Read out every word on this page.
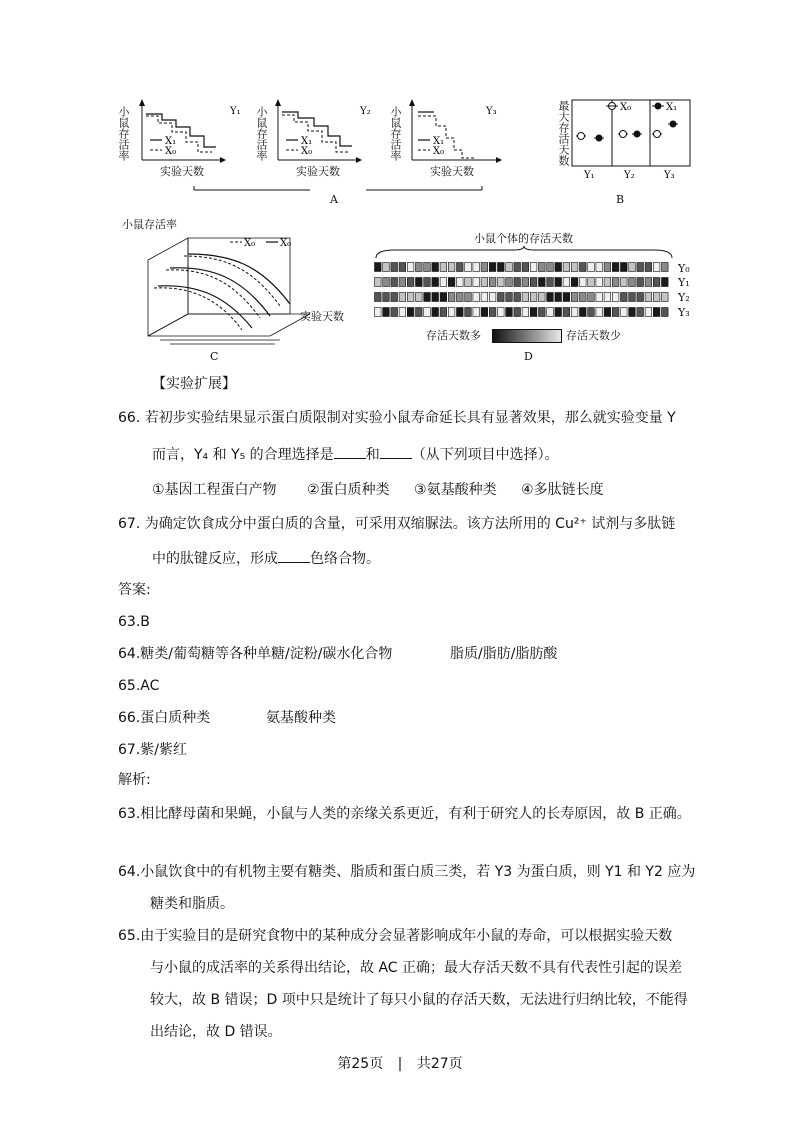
X₁
X₀
Y₁
X₁
X₀
Y₂
X₁
X₀
Y₃
小鼠存活率	小鼠存活率	小鼠存活率
实验天数	实验天数	实验天数
A
X₀	X₁
Y₁	Y₂	Y₃
最大存活天数
B
小鼠存活率
X₀ X₀
实验天数
C
小鼠个体的存活天数
Y₀
Y₁
Y₂
Y₃
存活天数多	存活天数少
D
【实验扩展】
66. 若初步实验结果显示蛋白质限制对实验小鼠寿命延长具有显著效果，那么就实验变量 Y
而言，Y₄ 和 Y₅ 的合理选择是 和 （从下列项目中选择）。
①基因工程蛋白产物 ②蛋白质种类 ③氨基酸种类 ④多肽链长度
67. 为确定饮食成分中蛋白质的含量，可采用双缩脲法。该方法所用的 Cu²⁺ 试剂与多肽链
中的肽键反应，形成 色络合物。
答案:
63.B
64.糖类/葡萄糖等各种单糖/淀粉/碳水化合物	脂质/脂肪/脂肪酸
65.AC
66.蛋白质种类	氨基酸种类
67.紫/紫红
解析:
63.相比酵母菌和果蝇，小鼠与人类的亲缘关系更近，有利于研究人的长寿原因，故 B 正确。
64.小鼠饮食中的有机物主要有糖类、脂质和蛋白质三类，若 Y3 为蛋白质，则 Y1 和 Y2 应为
糖类和脂质。
65.由于实验目的是研究食物中的某种成分会显著影响成年小鼠的寿命，可以根据实验天数
与小鼠的成活率的关系得出结论，故 AC 正确；最大存活天数不具有代表性引起的误差
较大，故 B 错误；D 项中只是统计了每只小鼠的存活天数，无法进行归纳比较，不能得
出结论，故 D 错误。
第25页 | 共27页
